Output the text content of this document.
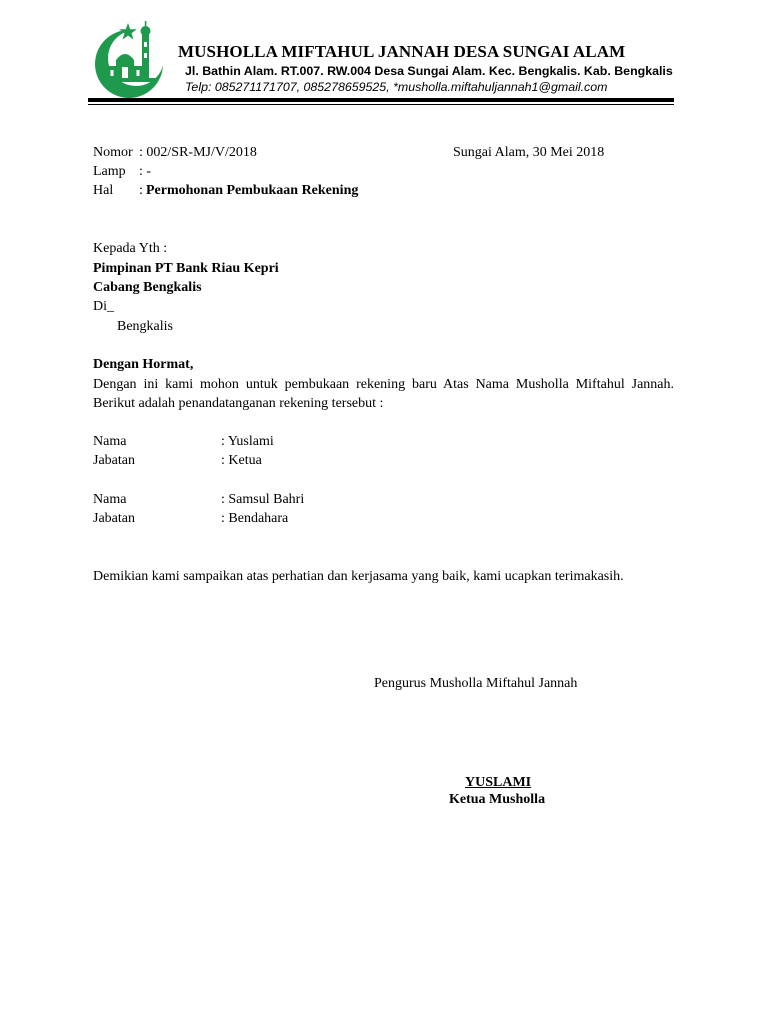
MUSHOLLA MIFTAHUL JANNAH DESA SUNGAI ALAM
Jl. Bathin Alam. RT.007. RW.004 Desa Sungai Alam. Kec. Bengkalis. Kab. Bengkalis
Telp: 085271171707, 085278659525, *musholla.miftahuljannah1@gmail.com
Nomor : 002/SR-MJ/V/2018	Sungai Alam, 30 Mei 2018
Lamp : -
Hal : Permohonan Pembukaan Rekening
Kepada Yth :
Pimpinan PT Bank Riau Kepri
Cabang Bengkalis
Di_
Bengkalis
Dengan Hormat,
Dengan ini kami mohon untuk pembukaan rekening baru Atas Nama Musholla Miftahul Jannah. Berikut adalah penandatanganan rekening tersebut :
Nama	: Yuslami
Jabatan	: Ketua
Nama	: Samsul Bahri
Jabatan	: Bendahara
Demikian kami sampaikan atas perhatian dan kerjasama yang baik, kami ucapkan terimakasih.
Pengurus Musholla Miftahul Jannah
YUSLAMI
Ketua Musholla
